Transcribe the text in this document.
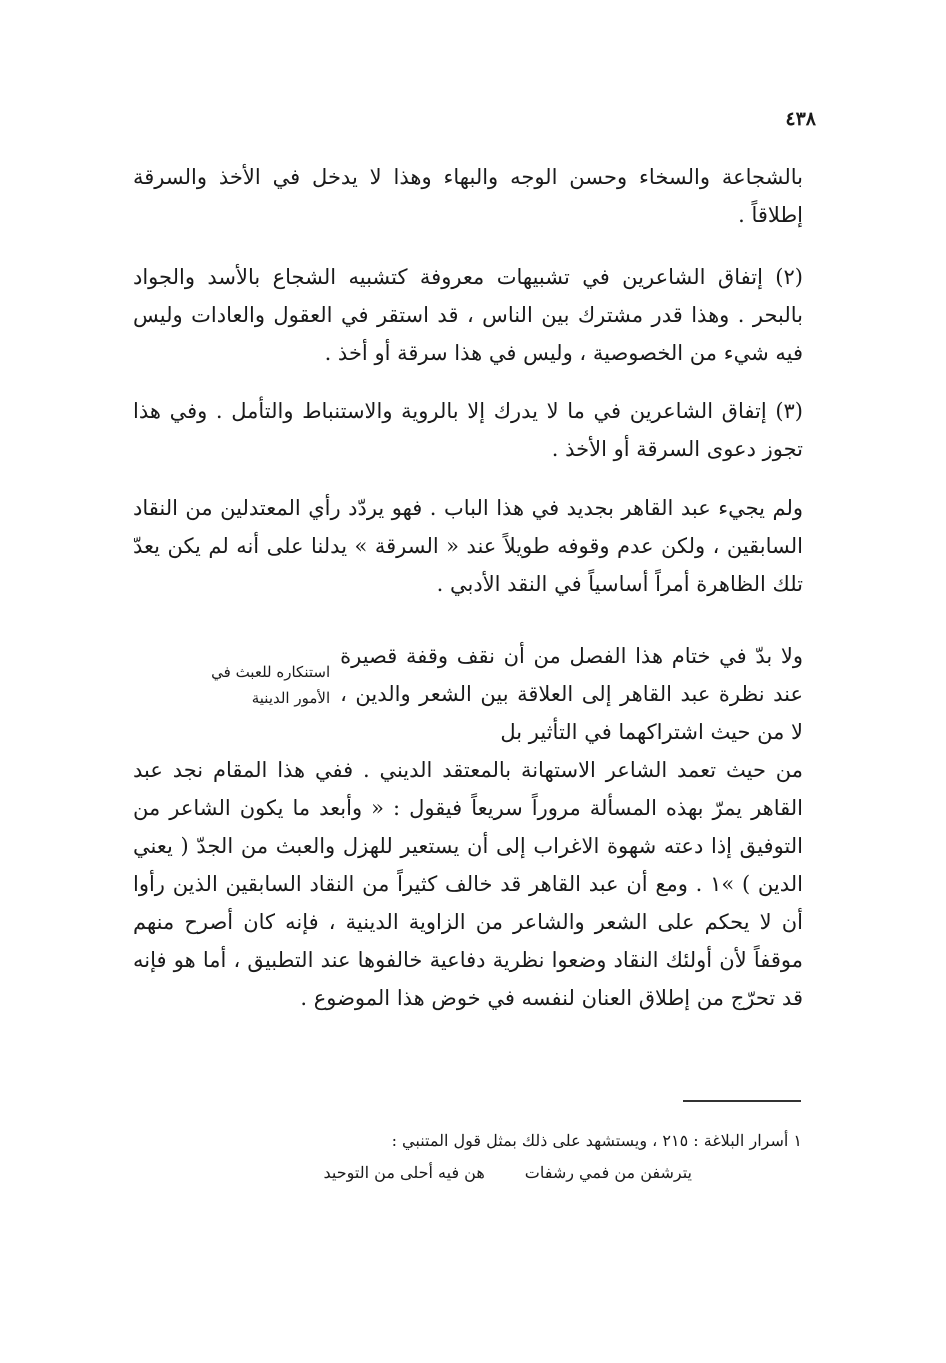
٤٣٨

بالشجاعة والسخاء وحسن الوجه والبهاء وهذا لا يدخل في الأخذ والسرقة إطلاقاً .

(٢) إتفاق الشاعرين في تشبيهات معروفة كتشبيه الشجاع بالأسد والجواد بالبحر . وهذا قدر مشترك بين الناس ، قد استقر في العقول والعادات وليس فيه شيء من الخصوصية ، وليس في هذا سرقة أو أخذ .

(٣) إتفاق الشاعرين في ما لا يدرك إلا بالروية والاستنباط والتأمل . وفي هذا تجوز دعوى السرقة أو الأخذ .

ولم يجيء عبد القاهر بجديد في هذا الباب . فهو يردّد رأي المعتدلين من النقاد السابقين ، ولكن عدم وقوفه طويلاً عند « السرقة » يدلنا على أنه لم يكن يعدّ تلك الظاهرة أمراً أساسياً في النقد الأدبي .

ولا بدّ في ختام هذا الفصل من أن نقف وقفة قصيرة عند نظرة عبد القاهر إلى العلاقة بين الشعر والدين ، لا من حيث اشتراكهما في التأثير بل

استنكاره للعبث في
الأمور الدينية

من حيث تعمد الشاعر الاستهانة بالمعتقد الديني . ففي هذا المقام نجد عبد القاهر يمرّ بهذه المسألة مروراً سريعاً فيقول : « وأبعد ما يكون الشاعر من التوفيق إذا دعته شهوة الاغراب إلى أن يستعير للهزل والعبث من الجدّ ( يعني الدين ) »١ . ومع أن عبد القاهر قد خالف كثيراً من النقاد السابقين الذين رأوا أن لا يحكم على الشعر والشاعر من الزاوية الدينية ، فإنه كان أصرح منهم موقفاً لأن أولئك النقاد وضعوا نظرية دفاعية خالفوها عند التطبيق ، أما هو فإنه قد تحرّج من إطلاق العنان لنفسه في خوض هذا الموضوع .

١ أسرار البلاغة : ٢١٥ ، ويستشهد على ذلك بمثل قول المتنبي :
يترشفن من فمي رشفات
هن فيه أحلى من التوحيد
